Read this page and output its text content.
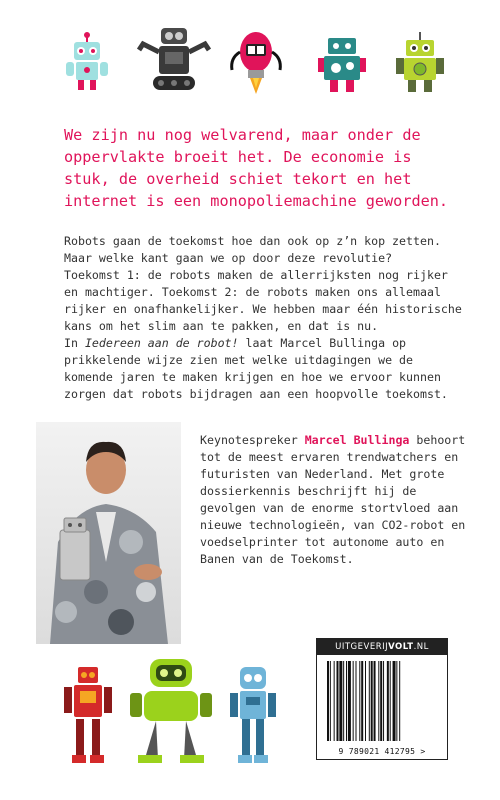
We zijn nu nog welvarend, maar onder de oppervlakte broeit het. De economie is stuk, de overheid schiet tekort en het internet is een monopoliemachine geworden.

Robots gaan de toekomst hoe dan ook op z’n kop zetten. Maar welke kant gaan we op door deze revolutie?

Toekomst 1: de robots maken de allerrijksten nog rijker en machtiger. Toekomst 2: de robots maken ons allemaal rijker en onafhankelijker. We hebben maar één historische kans om het slim aan te pakken, en dat is nu.

In Iedereen aan de robot! laat Marcel Bullinga op prikkelende wijze zien met welke uitdagingen we de komende jaren te maken krijgen en hoe we ervoor kunnen zorgen dat robots bijdragen aan een hoopvolle toekomst.

Keynotespreker Marcel Bullinga behoort tot de meest ervaren trendwatchers en futuristen van Nederland. Met grote dossierkennis beschrijft hij de gevolgen van de enorme stortvloed aan nieuwe technologieën, van CO2-robot en voedselprinter tot autonome auto en Banen van de Toekomst.

UITGEVERIJVOLT.NL
9 789021 412795 >
